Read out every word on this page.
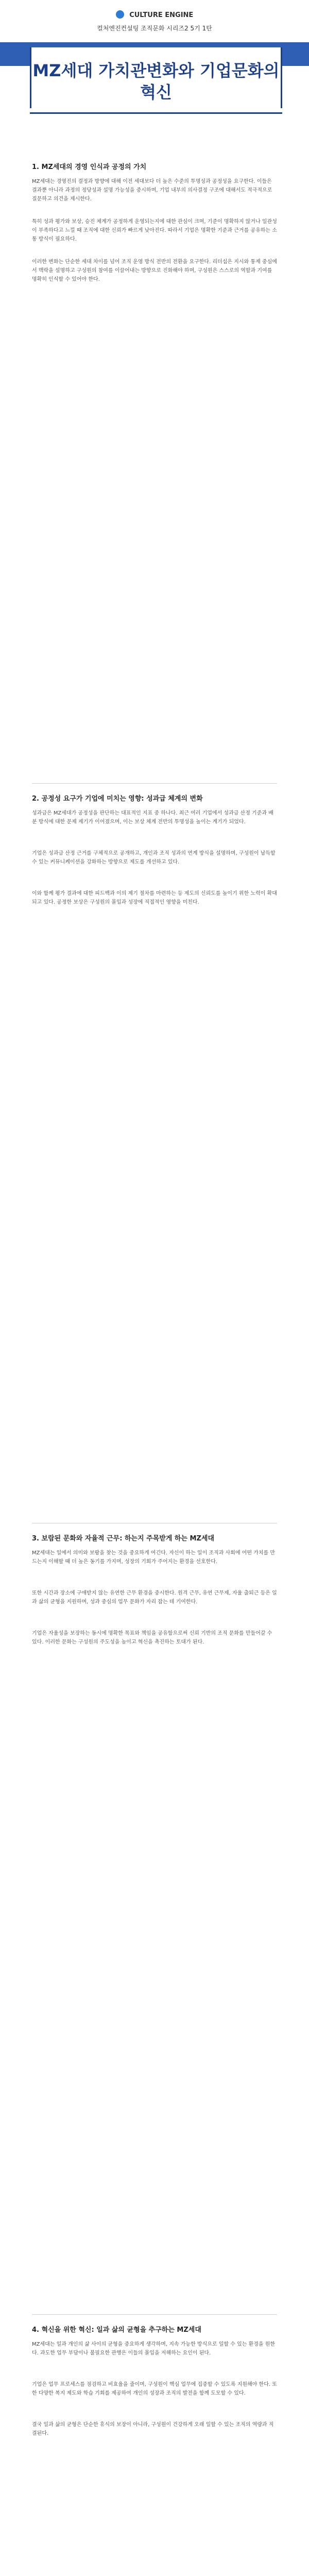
CULTURE ENGINE
컬처엔진컨설팅 조직문화 시리즈2 5기 1탄
MZ세대 가치관변화와 기업문화의 혁신
1. MZ세대의 경영 인식과 공정의 가치

MZ세대는 경영진의 결정과 방향에 대해 이전 세대보다 더 높은 수준의 투명성과 공정성을 요구한다. 이들은 결과뿐 아니라 과정의 정당성과 설명 가능성을 중시하며, 기업 내부의 의사결정 구조에 대해서도 적극적으로 질문하고 의견을 제시한다.

특히 성과 평가와 보상, 승진 체계가 공정하게 운영되는지에 대한 관심이 크며, 기준이 명확하지 않거나 일관성이 부족하다고 느낄 때 조직에 대한 신뢰가 빠르게 낮아진다. 따라서 기업은 명확한 기준과 근거를 공유하는 소통 방식이 필요하다.

이러한 변화는 단순한 세대 차이를 넘어 조직 운영 방식 전반의 전환을 요구한다. 리더십은 지시와 통제 중심에서 맥락을 설명하고 구성원의 참여를 이끌어내는 방향으로 진화해야 하며, 구성원은 스스로의 역할과 기여를 명확히 인식할 수 있어야 한다.

2. 공정성 요구가 기업에 미치는 영향: 성과급 체계의 변화

성과급은 MZ세대가 공정성을 판단하는 대표적인 지표 중 하나다. 최근 여러 기업에서 성과급 산정 기준과 배분 방식에 대한 문제 제기가 이어졌으며, 이는 보상 체계 전반의 투명성을 높이는 계기가 되었다.

기업은 성과급 산정 근거를 구체적으로 공개하고, 개인과 조직 성과의 연계 방식을 설명하며, 구성원이 납득할 수 있는 커뮤니케이션을 강화하는 방향으로 제도를 개선하고 있다.

이와 함께 평가 결과에 대한 피드백과 이의 제기 절차를 마련하는 등 제도의 신뢰도를 높이기 위한 노력이 확대되고 있다. 공정한 보상은 구성원의 몰입과 성장에 직접적인 영향을 미친다.

3. 보람된 문화와 자율적 근무: 하는지 주목받게 하는 MZ세대

MZ세대는 일에서 의미와 보람을 찾는 것을 중요하게 여긴다. 자신이 하는 일이 조직과 사회에 어떤 가치를 만드는지 이해할 때 더 높은 동기를 가지며, 성장의 기회가 주어지는 환경을 선호한다.

또한 시간과 장소에 구애받지 않는 유연한 근무 환경을 중시한다. 원격 근무, 유연 근무제, 자율 출퇴근 등은 일과 삶의 균형을 지원하며, 성과 중심의 업무 문화가 자리 잡는 데 기여한다.

기업은 자율성을 보장하는 동시에 명확한 목표와 책임을 공유함으로써 신뢰 기반의 조직 문화를 만들어갈 수 있다. 이러한 문화는 구성원의 주도성을 높이고 혁신을 촉진하는 토대가 된다.

4. 혁신을 위한 혁신: 일과 삶의 균형을 추구하는 MZ세대

MZ세대는 일과 개인의 삶 사이의 균형을 중요하게 생각하며, 지속 가능한 방식으로 일할 수 있는 환경을 원한다. 과도한 업무 부담이나 불필요한 관행은 이들의 몰입을 저해하는 요인이 된다.

기업은 업무 프로세스를 점검하고 비효율을 줄이며, 구성원이 핵심 업무에 집중할 수 있도록 지원해야 한다. 또한 다양한 복지 제도와 학습 기회를 제공하여 개인의 성장과 조직의 발전을 함께 도모할 수 있다.

결국 일과 삶의 균형은 단순한 휴식의 보장이 아니라, 구성원이 건강하게 오래 일할 수 있는 조직의 역량과 직결된다.
